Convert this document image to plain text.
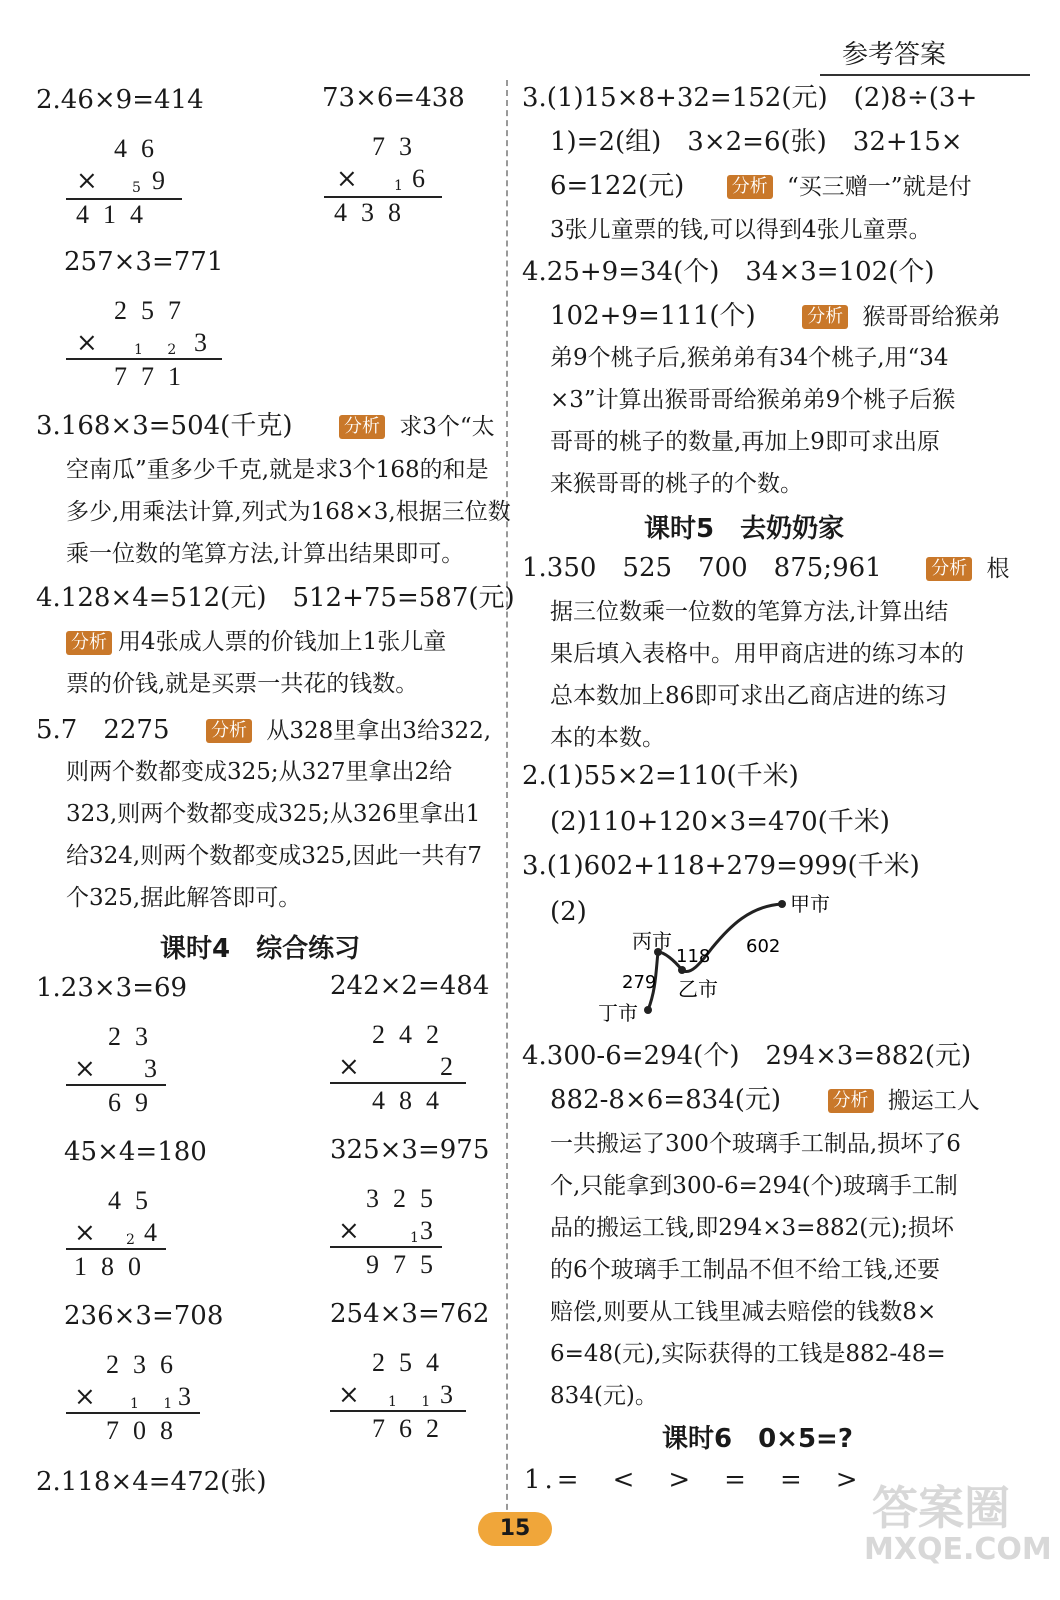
参考答案
2.46×9=414	73×6=438
46
× 5 9
414
73
×	1 6
438
257×3=771
257
×	1 2 3
771
3.168×3=504(千克)	分析 求3个“太
空南瓜”重多少千克,就是求3个168的和是
多少,用乘法计算,列式为168×3,根据三位数
乘一位数的笔算方法,计算出结果即可。
4.128×4=512(元)　512+75=587(元)
分析 用4张成人票的价钱加上1张儿童
票的价钱,就是买票一共花的钱数。
5.7　2275 分析 从328里拿出3给322,
则两个数都变成325;从327里拿出2给
323,则两个数都变成325;从326里拿出1
给324,则两个数都变成325,因此一共有7
个325,据此解答即可。
课时4　综合练习
1.23×3=69	242×2=484
23
× 3
69
242
×	2
484
45×4=180
45
× 2 4
180
325×3=975
325
×	1 3
975
236×3=708
236
× 1 1
3
708
254×3=762
254
× 1 1 3
762
2.118×4=472(张)
3.(1)15×8+32=152(元)　(2)8÷(3+
1)=2(组)　3×2=6(张)　32+15×
6=122(元)	分析 “买三赠一”就是付
3张儿童票的钱,可以得到4张儿童票。
4.25+9=34(个)　34×3=102(个)
102+9=111(个)	分析 猴哥哥给猴弟
弟9个桃子后,猴弟弟有34个桃子,用“34
×3”计算出猴哥哥给猴弟弟9个桃子后猴
哥哥的桃子的数量,再加上9即可求出原
来猴哥哥的桃子的个数。
课时5　去奶奶家
1.350　525　700　875;961	分析 根
据三位数乘一位数的笔算方法,计算出结
果后填入表格中。用甲商店进的练习本的
总本数加上86即可求出乙商店进的练习
本的本数。
2.(1)55×2=110(千米)
(2)110+120×3=470(千米)
3.(1)602+118+279=999(千米)
(2)	甲市
乙市
丙市
丁市
602
118
279
4.300-6=294(个)　294×3=882(元)
882-8×6=834(元)	分析 搬运工人
一共搬运了300个玻璃手工制品,损坏了6
个,只能拿到300-6=294(个)玻璃手工制
品的搬运工钱,即294×3=882(元);损坏
的6个玻璃手工制品不但不给工钱,还要
赔偿,则要从工钱里减去赔偿的钱数8×
6=48(元),实际获得的工钱是882-48=
834(元)。
课时6　0×5=?
1.=　<　>　=　=　>
15	答案圈
MXQE.COM
